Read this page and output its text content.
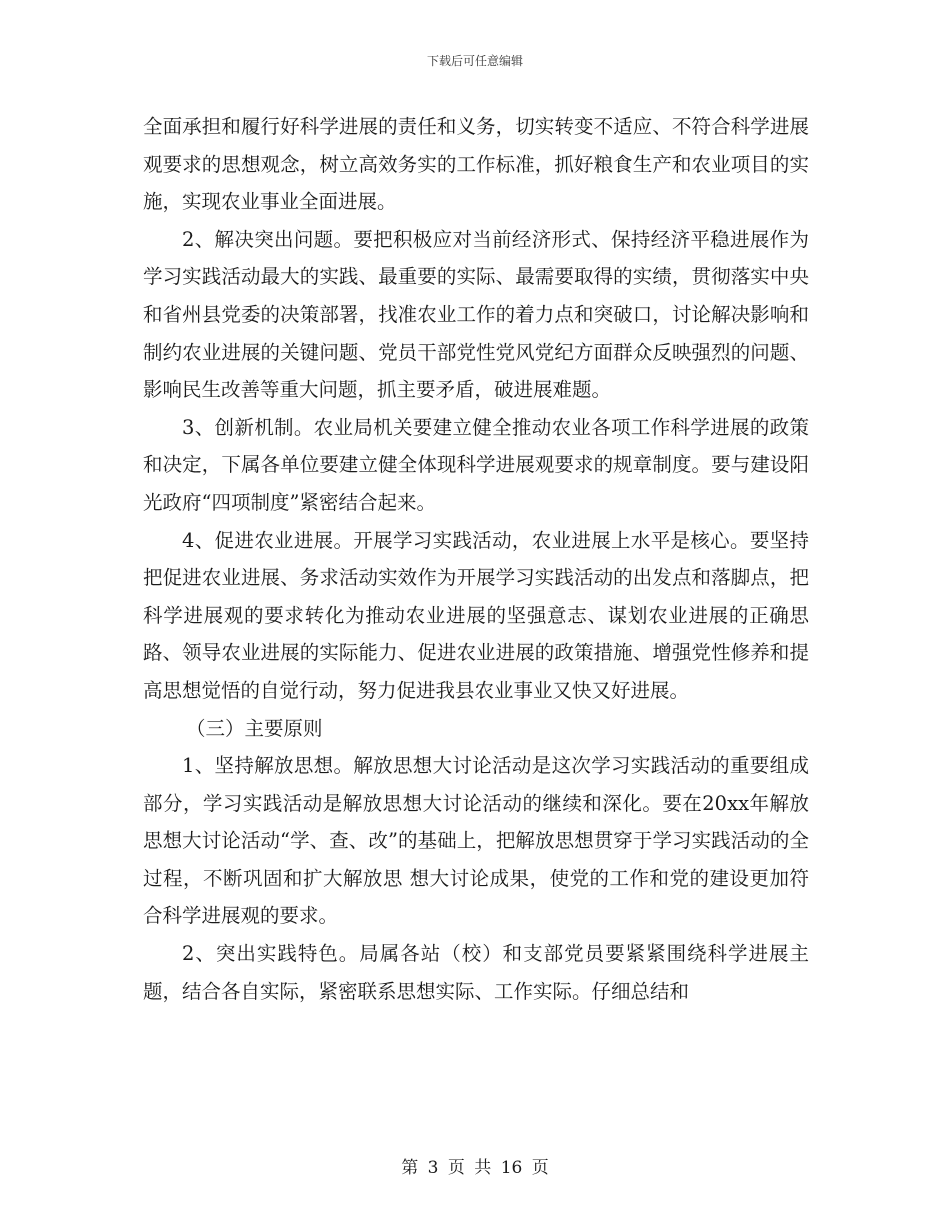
下载后可任意编辑

全面承担和履行好科学进展的责任和义务，切实转变不适应、不符合科学进展观要求的思想观念，树立高效务实的工作标准，抓好粮食生产和农业项目的实施，实现农业事业全面进展。

2、解决突出问题。要把积极应对当前经济形式、保持经济平稳进展作为学习实践活动最大的实践、最重要的实际、最需要取得的实绩，贯彻落实中央和省州县党委的决策部署，找准农业工作的着力点和突破口，讨论解决影响和制约农业进展的关键问题、党员干部党性党风党纪方面群众反映强烈的问题、影响民生改善等重大问题，抓主要矛盾，破进展难题。

3、创新机制。农业局机关要建立健全推动农业各项工作科学进展的政策和决定，下属各单位要建立健全体现科学进展观要求的规章制度。要与建设阳光政府“四项制度”紧密结合起来。

4、促进农业进展。开展学习实践活动，农业进展上水平是核心。要坚持把促进农业进展、务求活动实效作为开展学习实践活动的出发点和落脚点，把科学进展观的要求转化为推动农业进展的坚强意志、谋划农业进展的正确思路、领导农业进展的实际能力、促进农业进展的政策措施、增强党性修养和提高思想觉悟的自觉行动，努力促进我县农业事业又快又好进展。

（三）主要原则

1、坚持解放思想。解放思想大讨论活动是这次学习实践活动的重要组成部分，学习实践活动是解放思想大讨论活动的继续和深化。要在20xx年解放思想大讨论活动“学、查、改”的基础上，把解放思想贯穿于学习实践活动的全过程，不断巩固和扩大解放思 想大讨论成果，使党的工作和党的建设更加符合科学进展观的要求。

2、突出实践特色。局属各站（校）和支部党员要紧紧围绕科学进展主题，结合各自实际，紧密联系思想实际、工作实际。仔细总结和

第 3 页 共 16 页
